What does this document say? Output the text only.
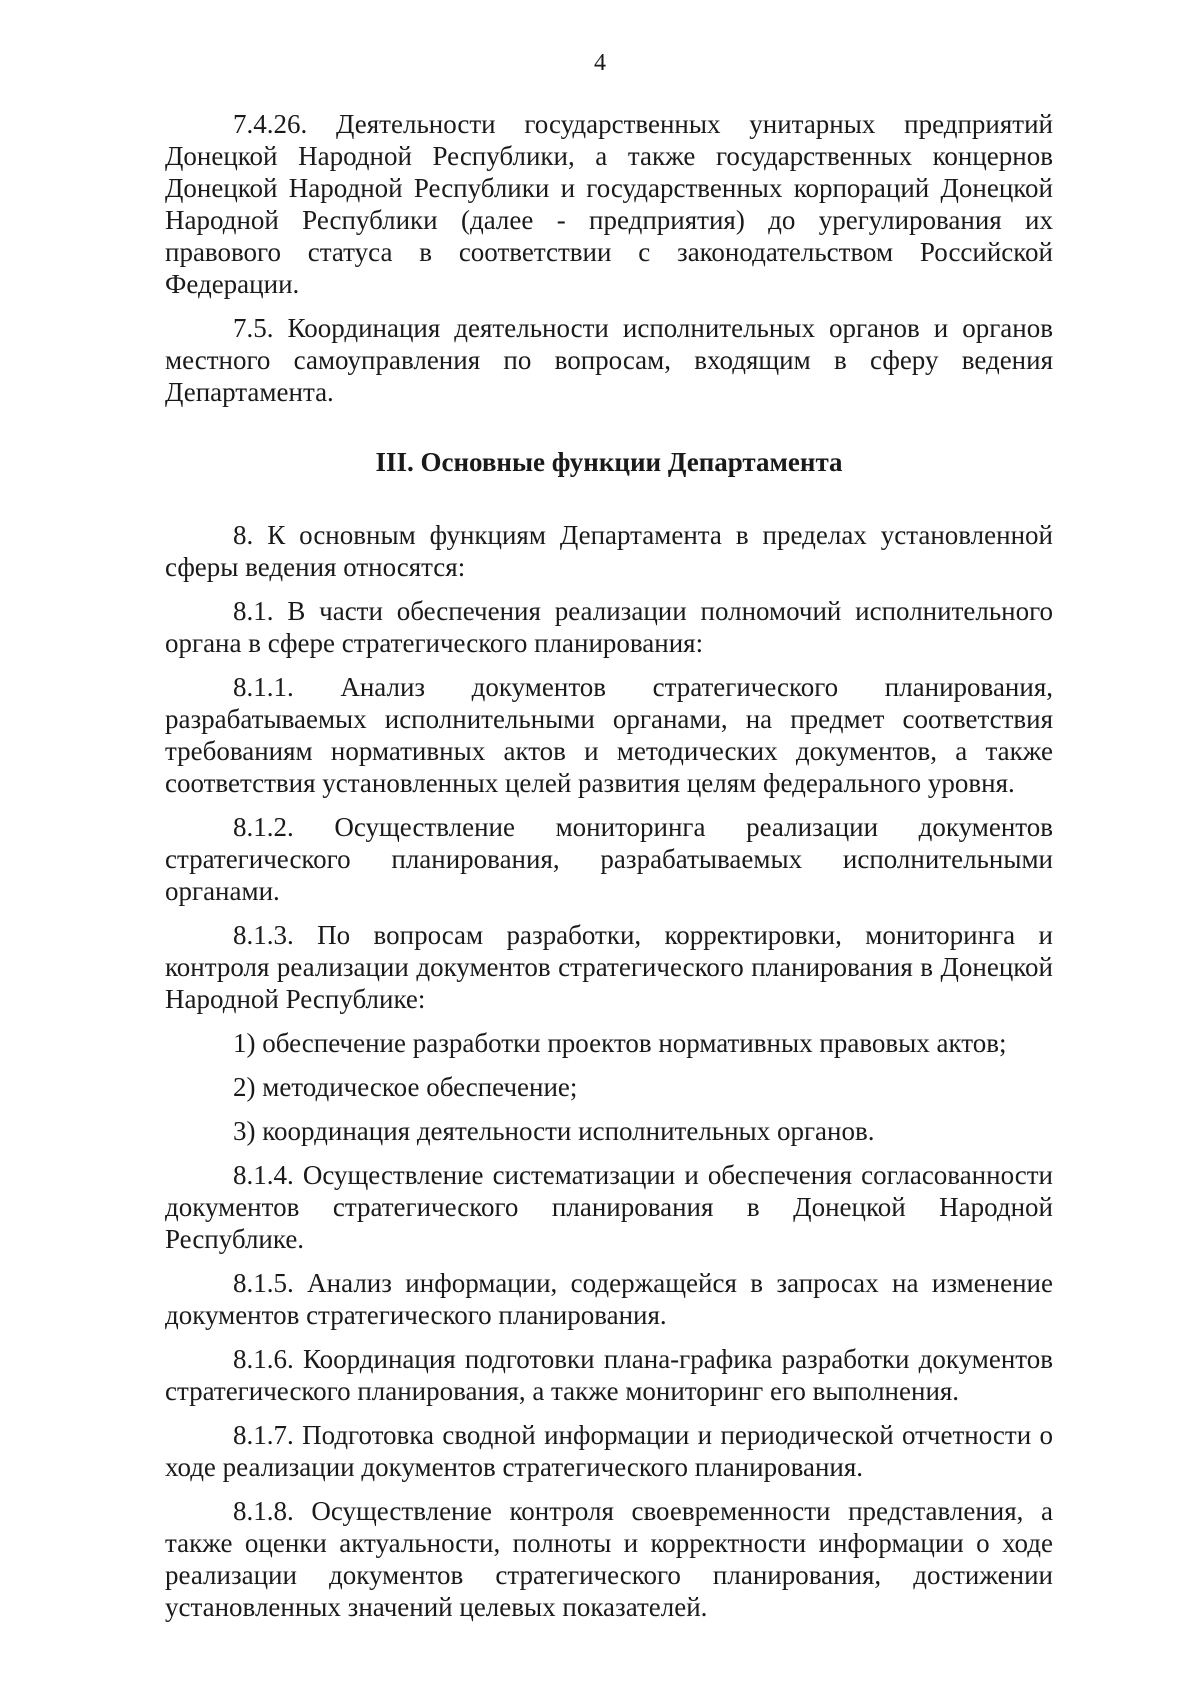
4

7.4.26. Деятельности государственных унитарных предприятий Донецкой Народной Республики, а также государственных концернов Донецкой Народной Республики и государственных корпораций Донецкой Народной Республики (далее - предприятия) до урегулирования их правового статуса в соответствии с законодательством Российской Федерации.

7.5. Координация деятельности исполнительных органов и органов местного самоуправления по вопросам, входящим в сферу ведения Департамента.

III. Основные функции Департамента

8. К основным функциям Департамента в пределах установленной сферы ведения относятся:

8.1. В части обеспечения реализации полномочий исполнительного органа в сфере стратегического планирования:

8.1.1. Анализ документов стратегического планирования, разрабатываемых исполнительными органами, на предмет соответствия требованиям нормативных актов и методических документов, а также соответствия установленных целей развития целям федерального уровня.

8.1.2. Осуществление мониторинга реализации документов стратегического планирования, разрабатываемых исполнительными органами.

8.1.3. По вопросам разработки, корректировки, мониторинга и контроля реализации документов стратегического планирования в Донецкой Народной Республике:

1) обеспечение разработки проектов нормативных правовых актов;

2) методическое обеспечение;

3) координация деятельности исполнительных органов.

8.1.4. Осуществление систематизации и обеспечения согласованности документов стратегического планирования в Донецкой Народной Республике.

8.1.5. Анализ информации, содержащейся в запросах на изменение документов стратегического планирования.

8.1.6. Координация подготовки плана-графика разработки документов стратегического планирования, а также мониторинг его выполнения.

8.1.7. Подготовка сводной информации и периодической отчетности о ходе реализации документов стратегического планирования.

8.1.8. Осуществление контроля своевременности представления, а также оценки актуальности, полноты и корректности информации о ходе реализации документов стратегического планирования, достижении установленных значений целевых показателей.
